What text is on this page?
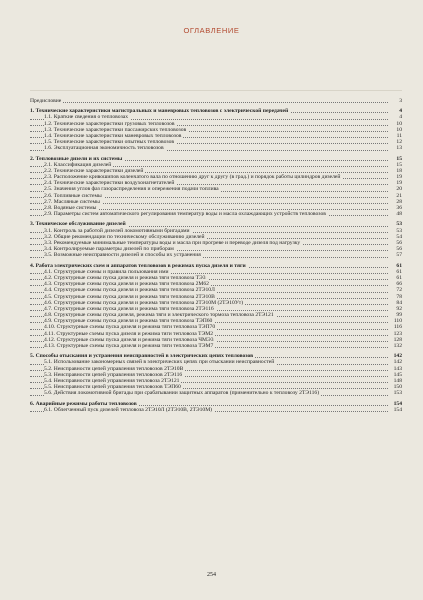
ОГЛАВЛЕНИЕ
Предисловие	3
1. Технические характеристики магистральных и маневровых тепловозов с электрической передачей	4
1.1. Краткие сведения о тепловозах	4
1.2. Технические характеристики грузовых тепловозов	10
1.3. Технические характеристики пассажирских тепловозов	10
1.4. Технические характеристики маневровых тепловозов	11
1.5. Технические характеристики опытных тепловозов	12
1.6. Эксплуатационная экономичность тепловозов	13
2. Тепловозные дизели и их системы	15
2.1. Классификация дизелей	15
2.2. Технические характеристики дизелей	18
2.3. Расположение кривошипов коленчатого вала по отношению друг к другу (в град.) и порядок работы цилиндров дизелей	19
2.4. Технические характеристики воздухонагнетателей	19
2.5. Значения углов фаз газораспределения и опережения подачи топлива	20
2.6. Топливные системы	21
2.7. Масляные системы	28
2.8. Водяные системы	36
2.9. Параметры систем автоматического регулирования температур воды и масла охлаждающих устройств тепловозов	48
3. Техническое обслуживание дизелей	53
3.1. Контроль за работой дизелей локомотивными бригадами	53
3.2. Общие рекомендации по техническому обслуживанию дизелей	54
3.3. Рекомендуемые минимальные температуры воды и масла при прогреве и переводе дизеля под нагрузку	56
3.4. Контролируемые параметры дизелей по приборам	56
3.5. Возможные неисправности дизелей и способы их устранения	57
4. Работа электрических схем и аппаратов тепловозов в режимах пуска дизеля и тяги	61
4.1. Структурные схемы и правила пользования ими	61
4.2. Структурные схемы пуска дизеля и режима тяги тепловоза ТЭ3	61
4.3. Структурные схемы пуска дизеля и режима тяги тепловоза 2М62	66
4.4. Структурные схемы пуска дизеля и режима тяги тепловоза 2ТЭ10Л	72
4.5. Структурные схемы пуска дизеля и режима тяги тепловоза 2ТЭ10В	78
4.6. Структурные схемы пуска дизеля и режима тяги тепловоза 2ТЭ10М (2ТЭ10Ут)	84
4.7. Структурные схемы пуска дизеля и режима тяги тепловоза 2ТЭ116	92
4.8. Структурные схемы пуска дизеля, режима тяги и электрического тормоза тепловоза 2ТЭ121	99
4.9. Структурные схемы пуска дизеля и режима тяги тепловоза ТЭП60	110
4.10. Структурные схемы пуска дизеля и режима тяги тепловоза ТЭП70	116
4.11. Структурные схемы пуска дизеля и режима тяги тепловоза ТЭМ2	123
4.12. Структурные схемы пуска дизеля и режима тяги тепловоза ЧМЭ3	128
4.13. Структурные схемы пуска дизеля и режима тяги тепловоза ТЭМ7	132
5. Способы отыскания и устранения неисправностей в электрических цепях тепловозов	142
5.1. Использование закономерных связей в электрических цепях при отыскании неисправностей	142
5.2. Неисправности цепей управления тепловозов 2ТЭ10В	143
5.3. Неисправности цепей управления тепловозов 2ТЭ116	145
5.4. Неисправности цепей управления тепловоза 2ТЭ121	148
5.5. Неисправности цепей управления тепловозов ТЭП60	150
5.6. Действия локомотивной бригады при срабатывании защитных аппаратов (применительно к тепловозу 2ТЭ116)	153
6. Аварийные режимы работы тепловозов	154
6.1. Облегченный пуск дизелей тепловоза 2ТЭ10Л (2ТЭ10В, 2ТЭ10М)	154
254
